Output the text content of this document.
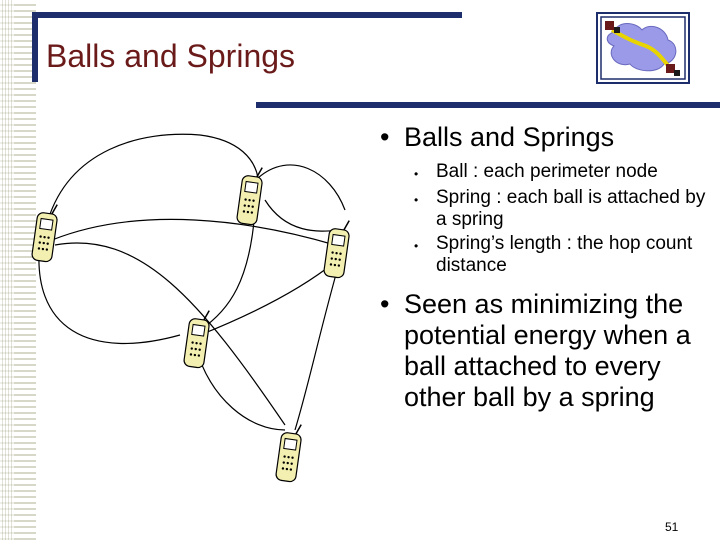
Balls and Springs
• Balls and Springs
• Ball : each perimeter node
• Spring : each ball is attached by a spring
• Spring’s length : the hop count distance
• Seen as minimizing the potential energy when a ball attached to every other ball by a spring
51
